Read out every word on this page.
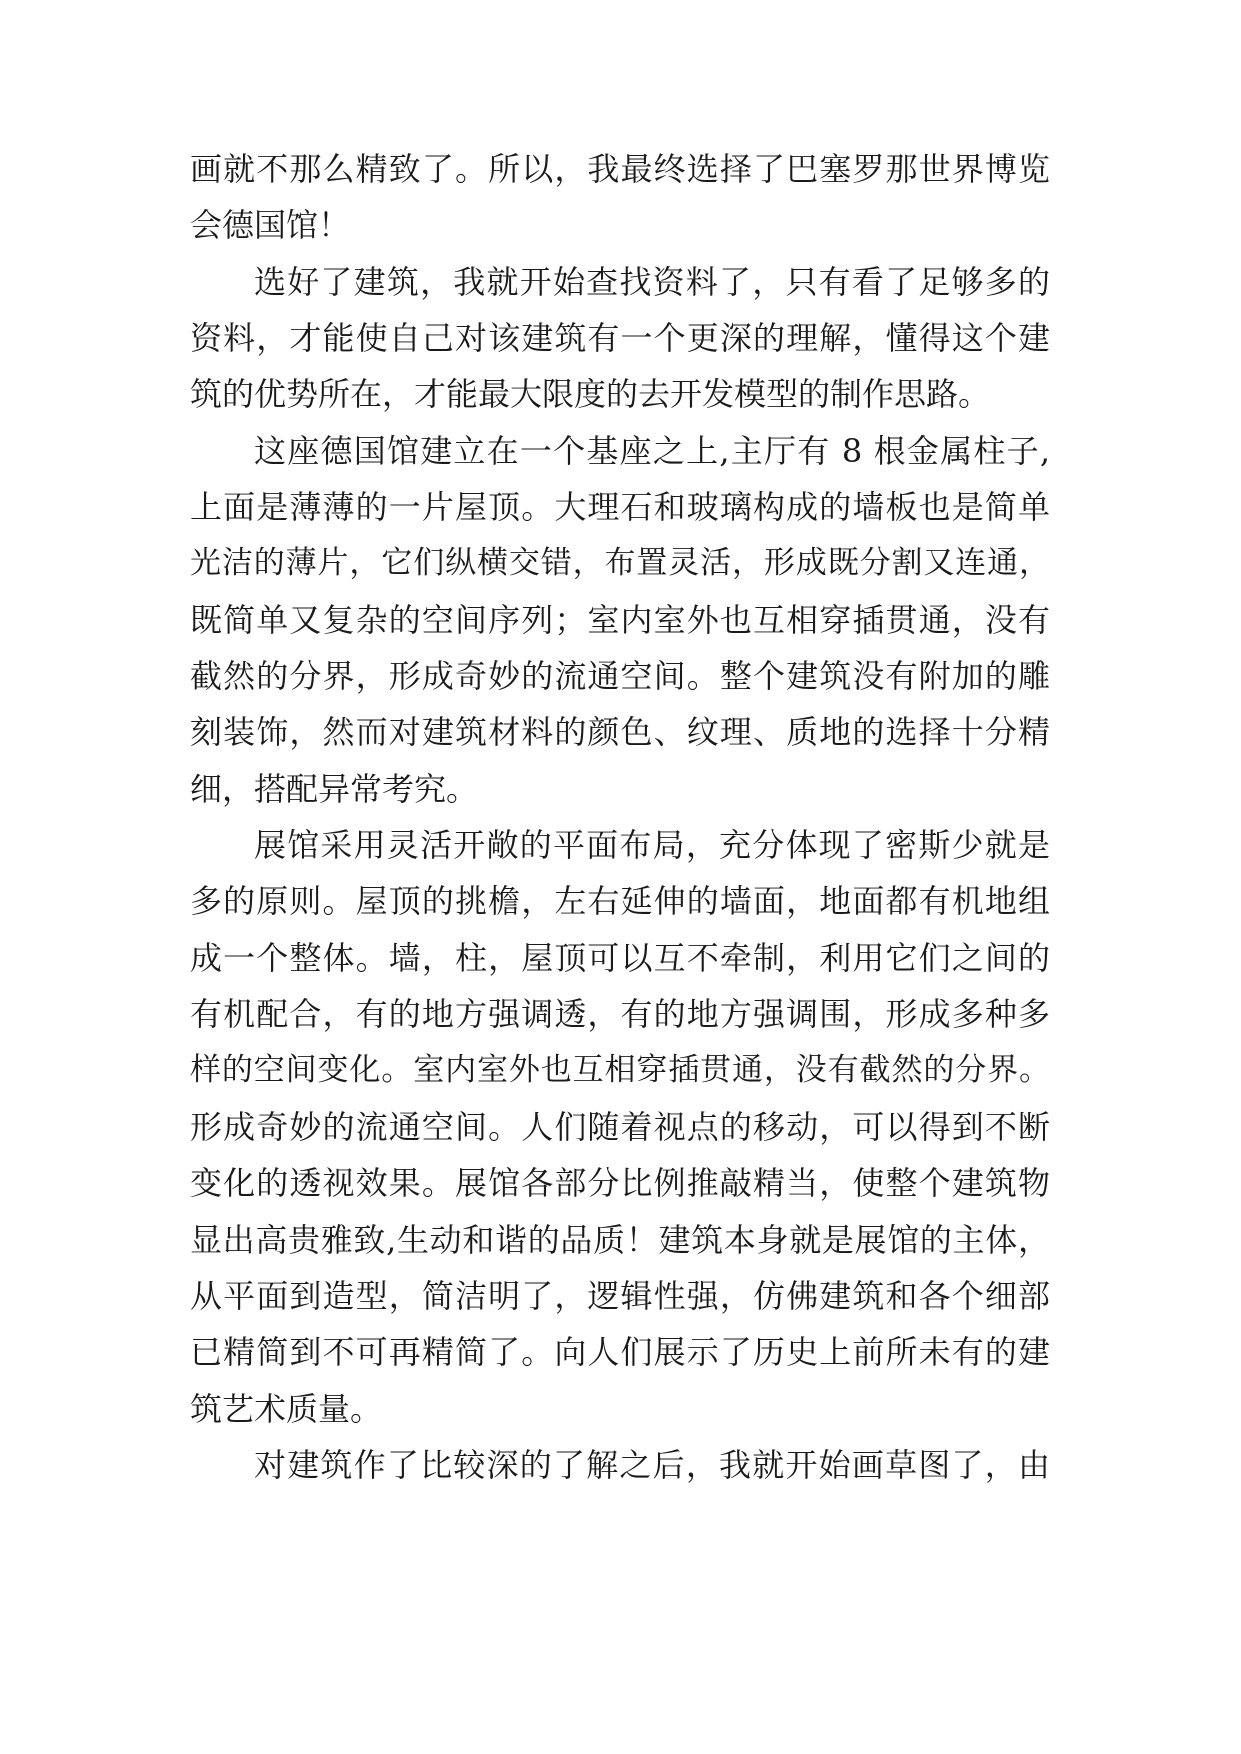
画就不那么精致了。所以，我最终选择了巴塞罗那世界博览
会德国馆！
选好了建筑，我就开始查找资料了，只有看了足够多的
资料，才能使自己对该建筑有一个更深的理解，懂得这个建
筑的优势所在，才能最大限度的去开发模型的制作思路。
这座德国馆建立在一个基座之上,主厅有 8 根金属柱子,
上面是薄薄的一片屋顶。大理石和玻璃构成的墙板也是简单
光洁的薄片，它们纵横交错，布置灵活，形成既分割又连通，
既简单又复杂的空间序列；室内室外也互相穿插贯通，没有
截然的分界，形成奇妙的流通空间。整个建筑没有附加的雕
刻装饰，然而对建筑材料的颜色、纹理、质地的选择十分精
细，搭配异常考究。
展馆采用灵活开敞的平面布局，充分体现了密斯少就是
多的原则。屋顶的挑檐，左右延伸的墙面，地面都有机地组
成一个整体。墙，柱，屋顶可以互不牵制，利用它们之间的
有机配合，有的地方强调透，有的地方强调围，形成多种多
样的空间变化。室内室外也互相穿插贯通，没有截然的分界。
形成奇妙的流通空间。人们随着视点的移动，可以得到不断
变化的透视效果。展馆各部分比例推敲精当，使整个建筑物
显出高贵雅致,生动和谐的品质！建筑本身就是展馆的主体，
从平面到造型，简洁明了，逻辑性强，仿佛建筑和各个细部
已精简到不可再精简了。向人们展示了历史上前所未有的建
筑艺术质量。
对建筑作了比较深的了解之后，我就开始画草图了，由
